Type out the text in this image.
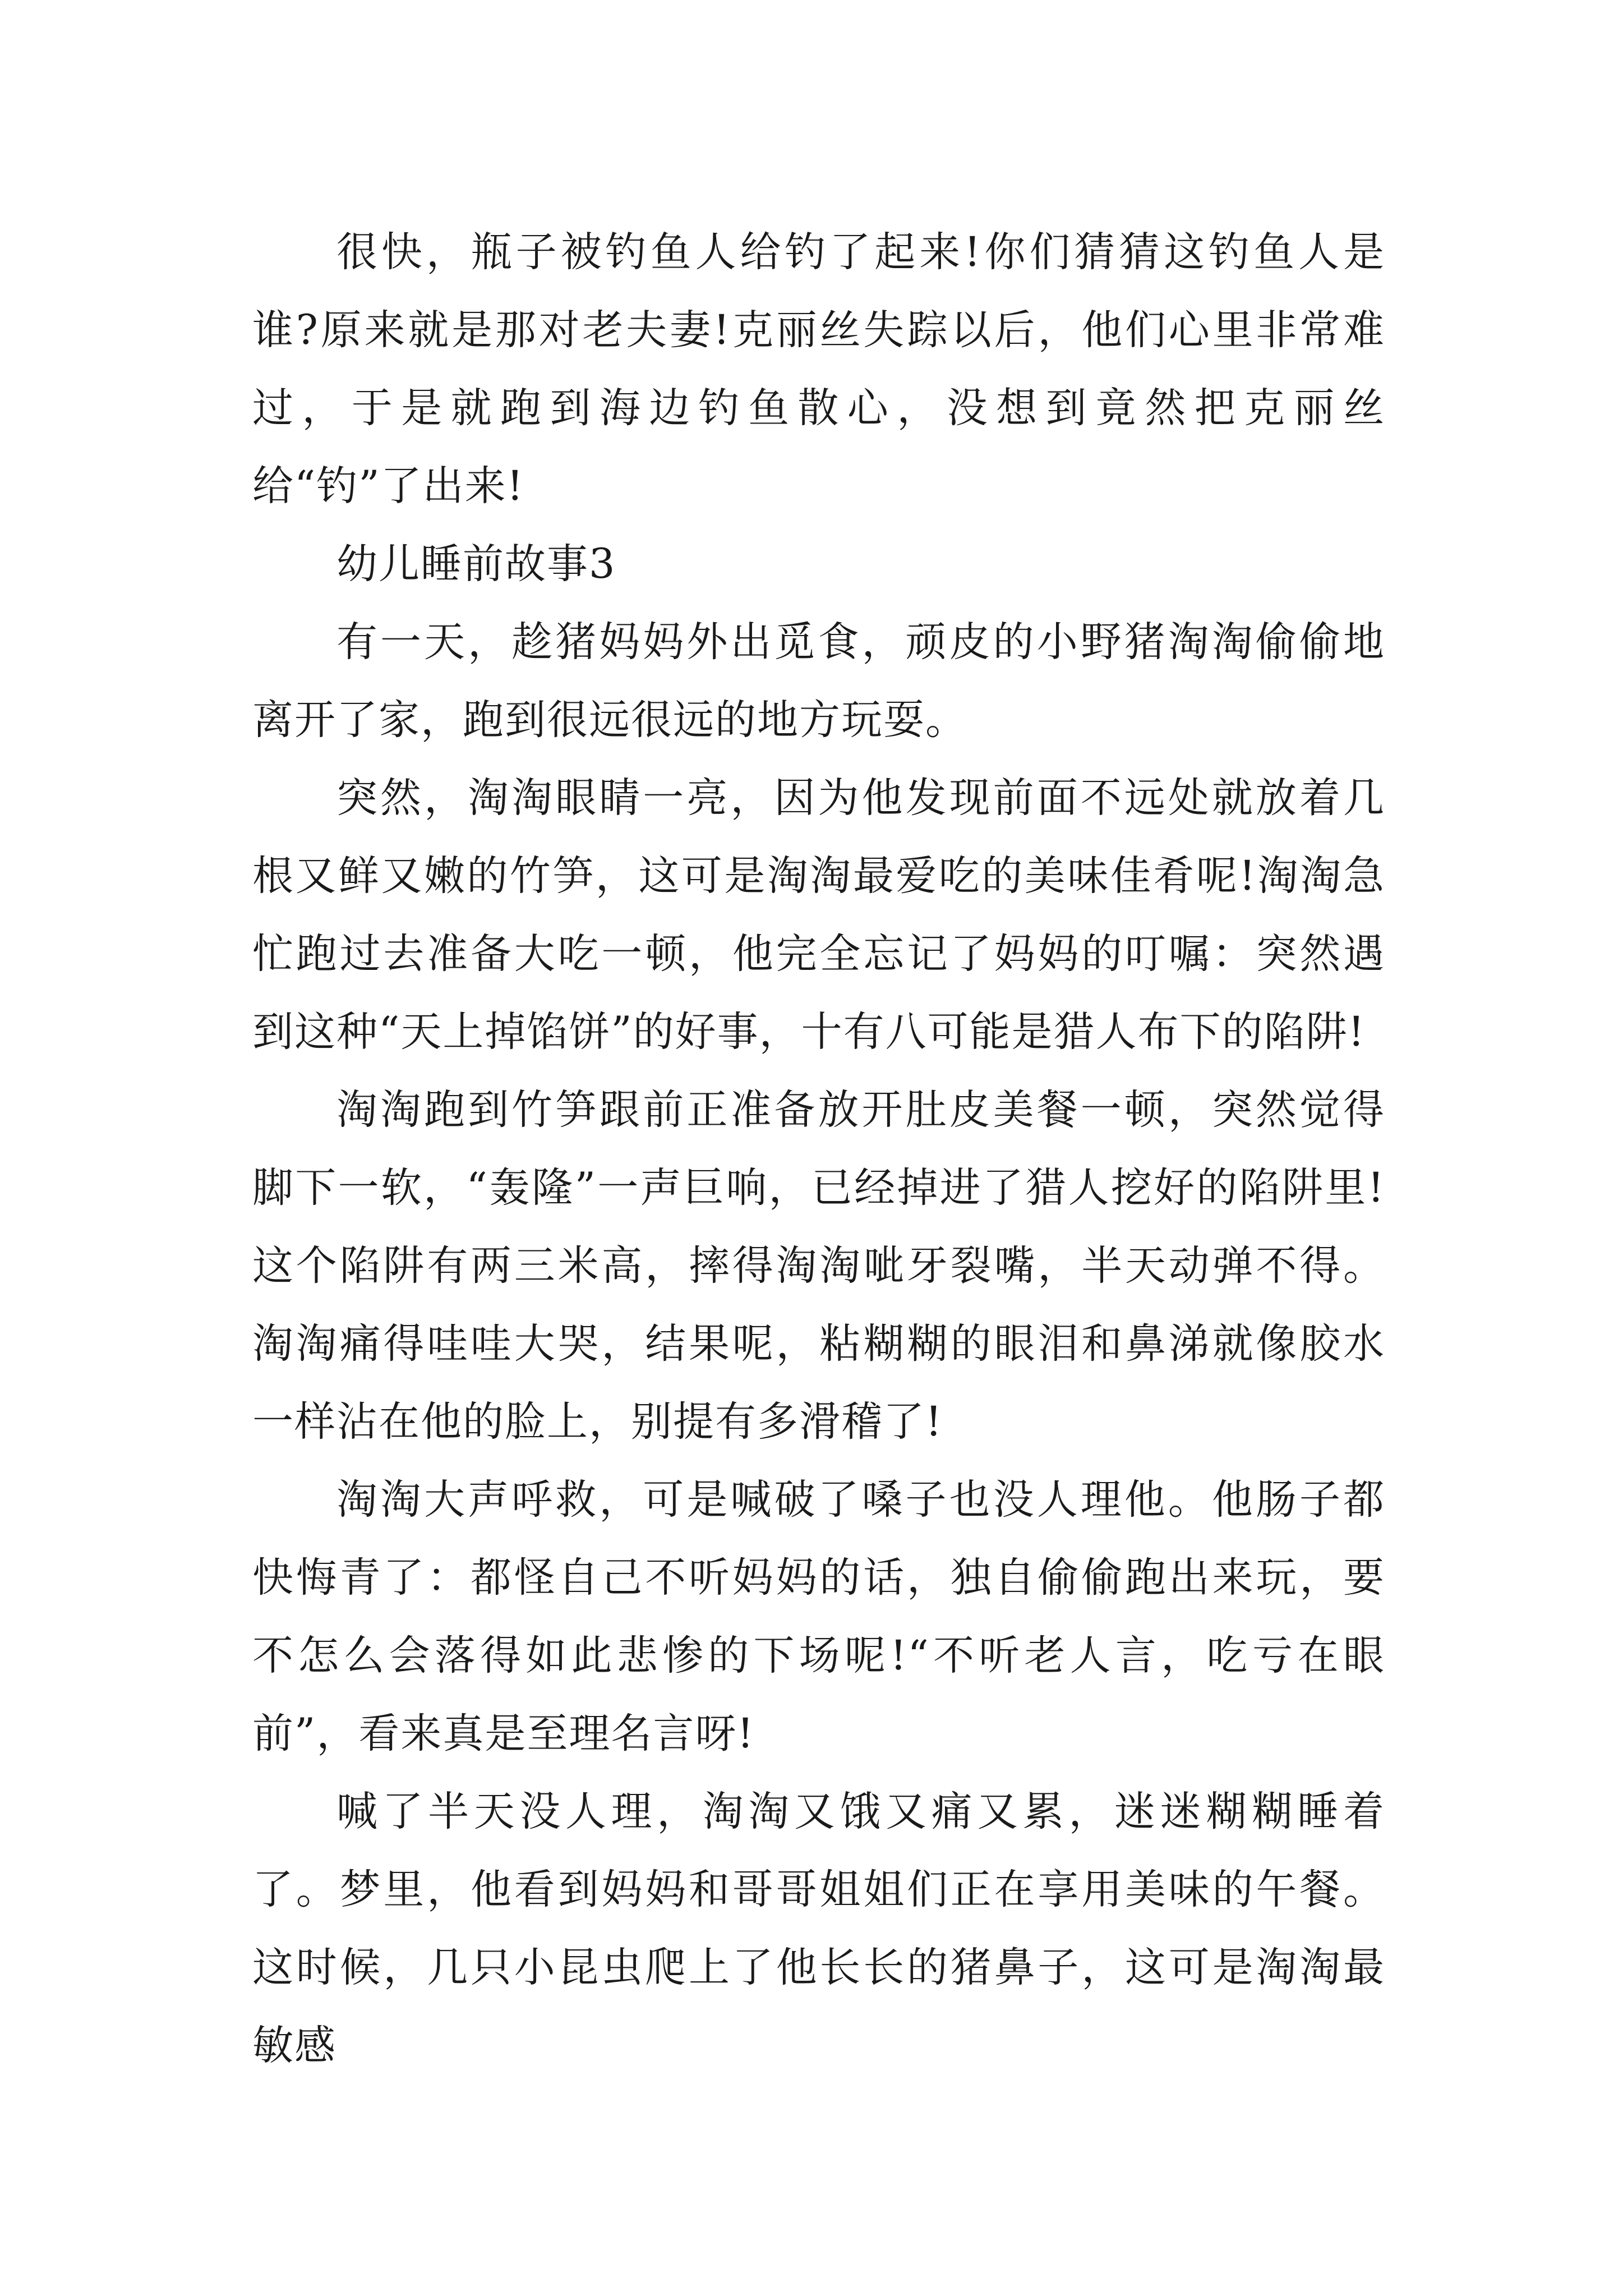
很快，瓶子被钓鱼人给钓了起来!你们猜猜这钓鱼人是谁?原来就是那对老夫妻!克丽丝失踪以后，他们心里非常难过，于是就跑到海边钓鱼散心，没想到竟然把克丽丝给“钓”了出来!

幼儿睡前故事3

有一天，趁猪妈妈外出觅食，顽皮的小野猪淘淘偷偷地离开了家，跑到很远很远的地方玩耍。

突然，淘淘眼睛一亮，因为他发现前面不远处就放着几根又鲜又嫩的竹笋，这可是淘淘最爱吃的美味佳肴呢!淘淘急忙跑过去准备大吃一顿，他完全忘记了妈妈的叮嘱：突然遇到这种“天上掉馅饼”的好事，十有八可能是猎人布下的陷阱!

淘淘跑到竹笋跟前正准备放开肚皮美餐一顿，突然觉得脚下一软，“轰隆”一声巨响，已经掉进了猎人挖好的陷阱里!这个陷阱有两三米高，摔得淘淘呲牙裂嘴，半天动弹不得。淘淘痛得哇哇大哭，结果呢，粘糊糊的眼泪和鼻涕就像胶水一样沾在他的脸上，别提有多滑稽了!

淘淘大声呼救，可是喊破了嗓子也没人理他。他肠子都快悔青了：都怪自己不听妈妈的话，独自偷偷跑出来玩，要不怎么会落得如此悲惨的下场呢!“不听老人言，吃亏在眼前”，看来真是至理名言呀!

喊了半天没人理，淘淘又饿又痛又累，迷迷糊糊睡着了。梦里，他看到妈妈和哥哥姐姐们正在享用美味的午餐。这时候，几只小昆虫爬上了他长长的猪鼻子，这可是淘淘最敏感
